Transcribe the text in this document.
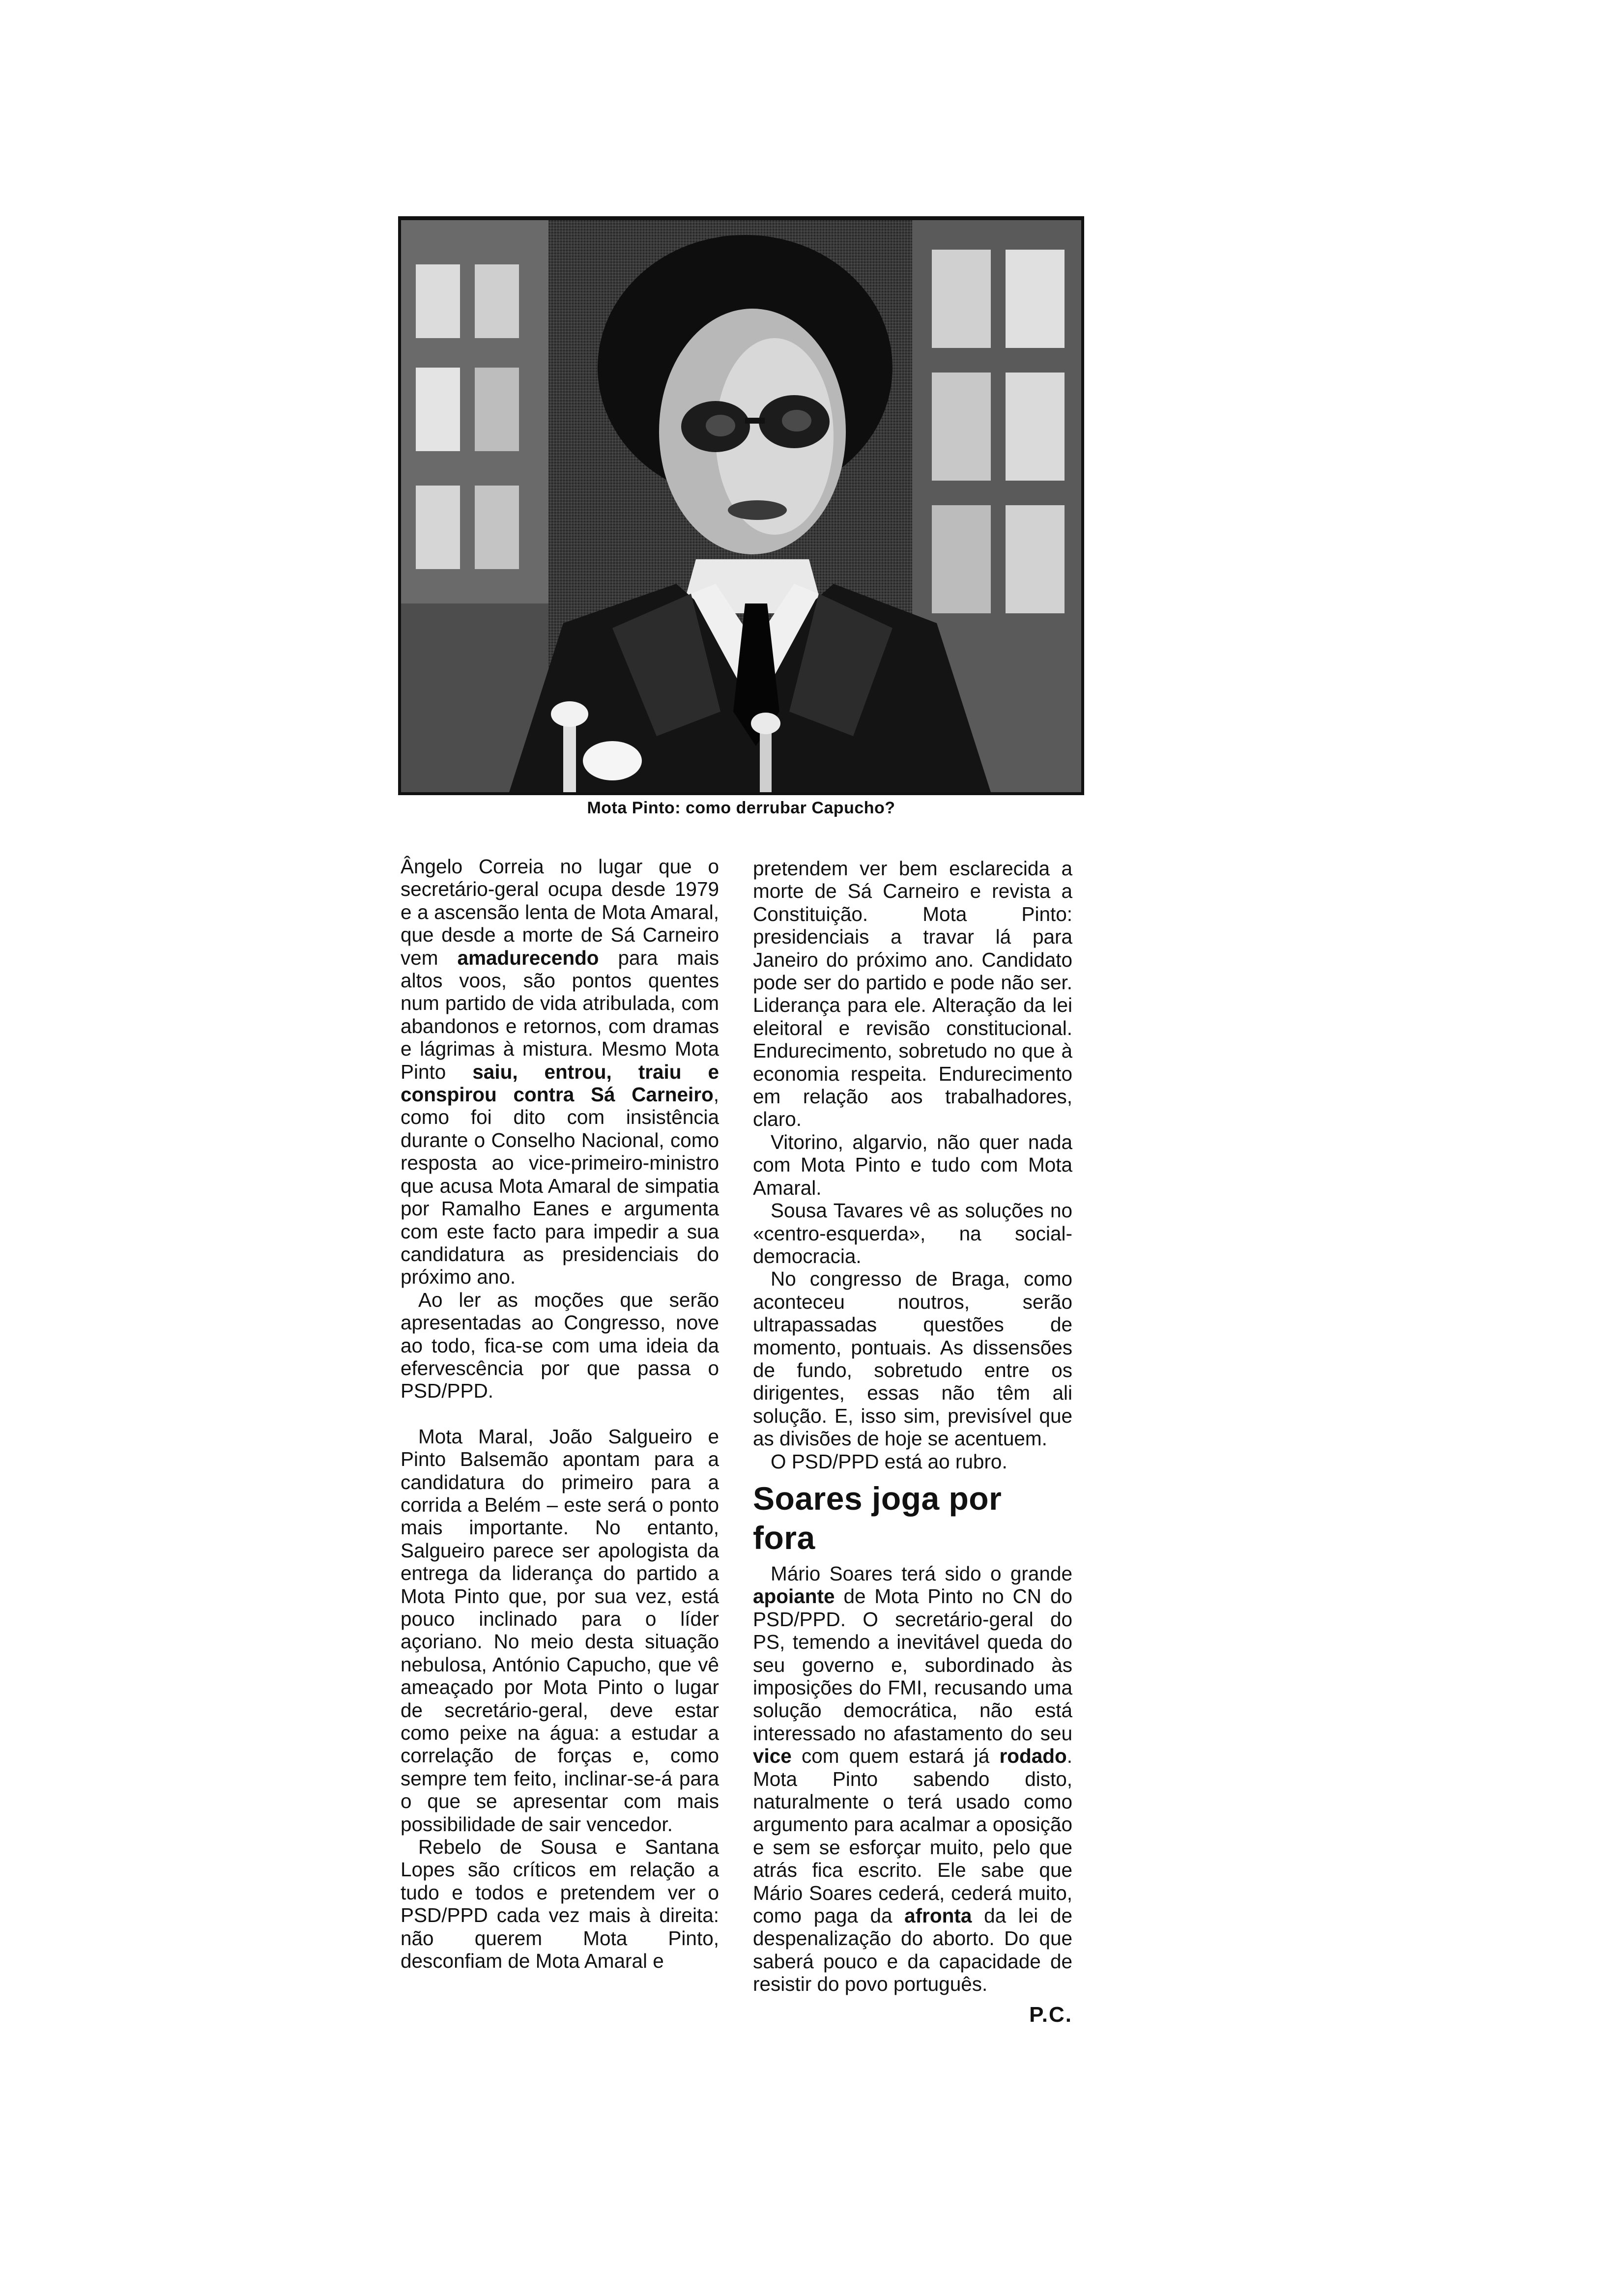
Mota Pinto: como derrubar Capucho?

Ângelo Correia no lugar que o secretário-geral ocupa desde 1979 e a ascensão lenta de Mota Amaral, que desde a morte de Sá Carneiro vem amadurecendo para mais altos voos, são pontos quentes num partido de vida atribulada, com abandonos e retornos, com dramas e lágrimas à mistura. Mesmo Mota Pinto saiu, entrou, traiu e conspirou contra Sá Carneiro, como foi dito com insistência durante o Conselho Nacional, como resposta ao vice-primeiro-ministro que acusa Mota Amaral de simpatia por Ramalho Eanes e argumenta com este facto para impedir a sua candidatura as presidenciais do próximo ano.

Ao ler as moções que serão apresentadas ao Congresso, nove ao todo, fica-se com uma ideia da efervescência por que passa o PSD/PPD.

Mota Maral, João Salgueiro e Pinto Balsemão apontam para a candidatura do primeiro para a corrida a Belém – este será o ponto mais importante. No entanto, Salgueiro parece ser apologista da entrega da liderança do partido a Mota Pinto que, por sua vez, está pouco inclinado para o líder açoriano. No meio desta situação nebulosa, António Capucho, que vê ameaçado por Mota Pinto o lugar de secretário-geral, deve estar como peixe na água: a estudar a correlação de forças e, como sempre tem feito, inclinar-se-á para o que se apresentar com mais possibilidade de sair vencedor.

Rebelo de Sousa e Santana Lopes são críticos em relação a tudo e todos e pretendem ver o PSD/PPD cada vez mais à direita: não querem Mota Pinto, desconfiam de Mota Amaral e

pretendem ver bem esclarecida a morte de Sá Carneiro e revista a Constituição. Mota Pinto: presidenciais a travar lá para Janeiro do próximo ano. Candidato pode ser do partido e pode não ser. Liderança para ele. Alteração da lei eleitoral e revisão constitucional. Endurecimento, sobretudo no que à economia respeita. Endurecimento em relação aos trabalhadores, claro.

Vitorino, algarvio, não quer nada com Mota Pinto e tudo com Mota Amaral.

Sousa Tavares vê as soluções no «centro-esquerda», na social-democracia.

No congresso de Braga, como aconteceu noutros, serão ultrapassadas questões de momento, pontuais. As dissensões de fundo, sobretudo entre os dirigentes, essas não têm ali solução. E, isso sim, previsível que as divisões de hoje se acentuem.

O PSD/PPD está ao rubro.

Soares joga por fora

Mário Soares terá sido o grande apoiante de Mota Pinto no CN do PSD/PPD. O secretário-geral do PS, temendo a inevitável queda do seu governo e, subordinado às imposições do FMI, recusando uma solução democrática, não está interessado no afastamento do seu vice com quem estará já rodado. Mota Pinto sabendo disto, naturalmente o terá usado como argumento para acalmar a oposição e sem se esforçar muito, pelo que atrás fica escrito. Ele sabe que Mário Soares cederá, cederá muito, como paga da afronta da lei de despenalização do aborto. Do que saberá pouco e da capacidade de resistir do povo português.

P.C.
